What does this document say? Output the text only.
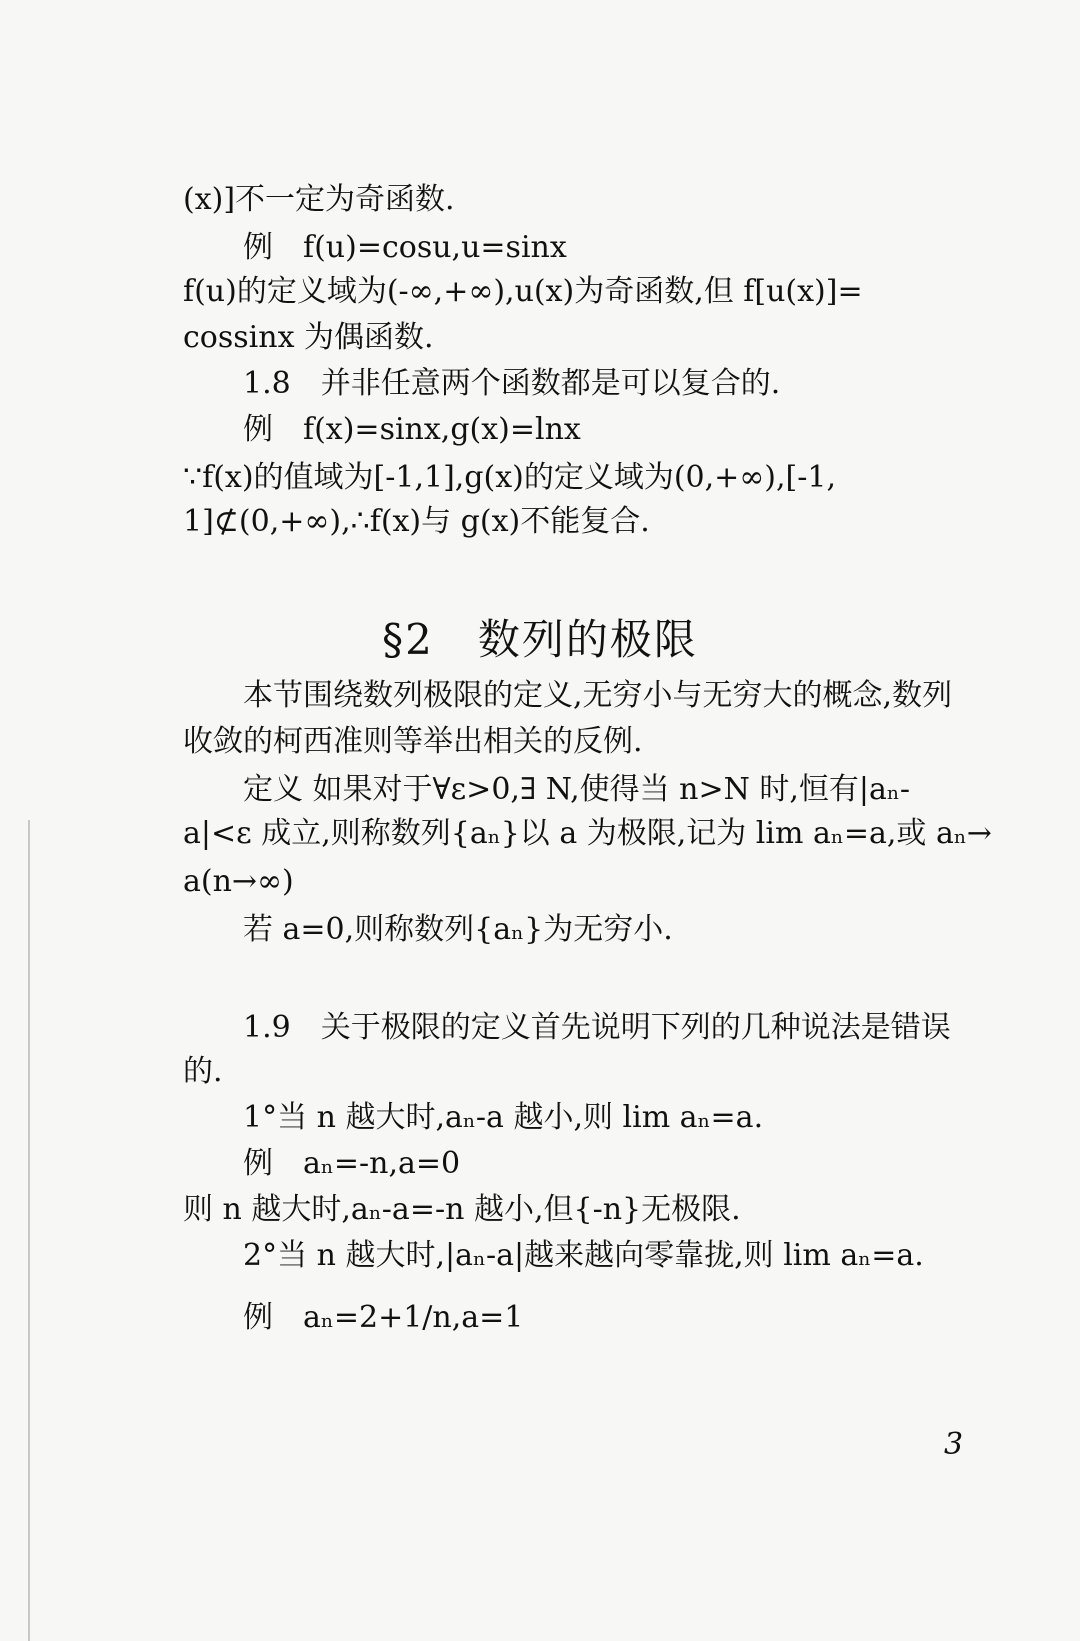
(x)]不一定为奇函数.
例　f(u)=cosu,u=sinx
f(u)的定义域为(-∞,+∞),u(x)为奇函数,但 f[u(x)]=
cossinx 为偶函数.
1.8　并非任意两个函数都是可以复合的.
例　f(x)=sinx,g(x)=lnx
∵f(x)的值域为[-1,1],g(x)的定义域为(0,+∞),[-1,
1]⊄(0,+∞),∴f(x)与 g(x)不能复合.
§2　数列的极限
本节围绕数列极限的定义,无穷小与无穷大的概念,数列
收敛的柯西准则等举出相关的反例.
定义 如果对于∀ε>0,∃ N,使得当 n>N 时,恒有|aₙ-
a|<ε 成立,则称数列{aₙ}以 a 为极限,记为 lim aₙ=a,或 aₙ→
a(n→∞)
若 a=0,则称数列{aₙ}为无穷小.
1.9　关于极限的定义首先说明下列的几种说法是错误
的.
1°当 n 越大时,aₙ-a 越小,则 lim aₙ=a.
例　aₙ=-n,a=0
则 n 越大时,aₙ-a=-n 越小,但{-n}无极限.
2°当 n 越大时,|aₙ-a|越来越向零靠拢,则 lim aₙ=a.
例　aₙ=2+1/n,a=1
3
